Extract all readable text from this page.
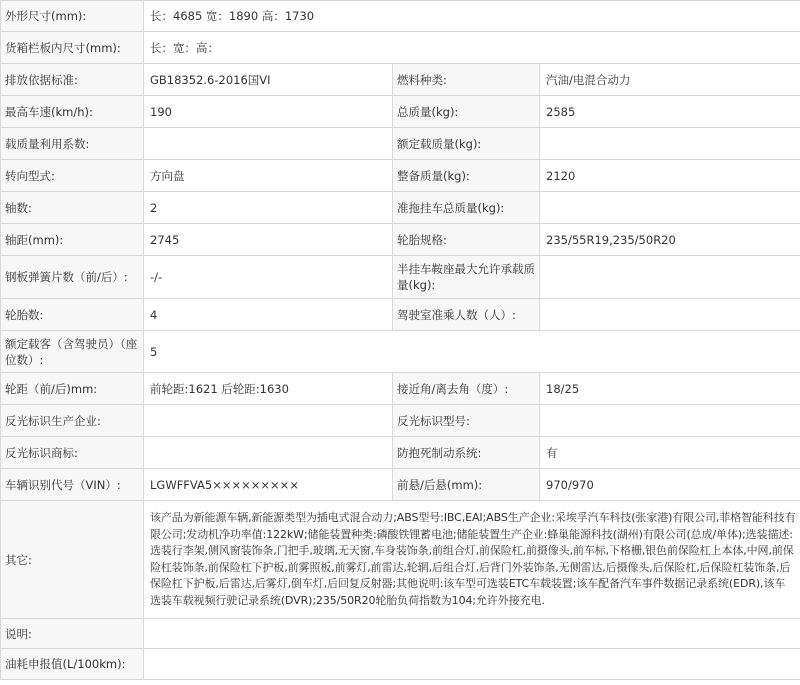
外形尺寸(mm):	长：4685 宽：1890 高：1730		
货箱栏板内尺寸(mm):	长：宽：高：		
排放依据标准:	GB18352.6-2016国VI	燃料种类:	汽油/电混合动力
最高车速(km/h):	190	总质量(kg):	2585
载质量利用系数:		额定载质量(kg):	
转向型式:	方向盘	整备质量(kg):	2120
轴数:	2	准拖挂车总质量(kg):	
轴距(mm):	2745	轮胎规格:	235/55R19,235/50R20
钢板弹簧片数（前/后）:	-/-	半挂车鞍座最大允许承载质量(kg):	
轮胎数:	4	驾驶室准乘人数（人）:	
额定载客（含驾驶员）（座位数）:	5		
轮距（前/后)mm:	前轮距:1621 后轮距:1630	接近角/离去角（度）:	18/25
反光标识生产企业:		反光标识型号:	
反光标识商标:		防抱死制动系统:	有
车辆识别代号（VIN）:	LGWFFVA5×××××××××	前悬/后悬(mm):	970/970
其它:	该产品为新能源车辆,新能源类型为插电式混合动力;ABS型号:IBC,EAI;ABS生产企业:采埃孚汽车科技(张家港)有限公司,菲格智能科技有限公司;发动机净功率值:122kW;储能装置种类:磷酸铁锂蓄电池;储能装置生产企业:蜂巢能源科技(湖州)有限公司(总成/单体);选装描述:选装行李架,侧风窗装饰条,门把手,玻璃,无天窗,车身装饰条,前组合灯,前保险杠,前摄像头,前车标,下格栅,银色前保险杠上本体,中网,前保险杠装饰条,前保险杠下护板,前雾照板,前雾灯,前雷达,轮辋,后组合灯,后背门外装饰条,无侧雷达,后摄像头,后保险杠,后保险杠装饰条,后保险杠下护板,后雷达,后雾灯,倒车灯,后回复反射器;其他说明:该车型可选装ETC车载装置;该车配备汽车事件数据记录系统(EDR),该车选装车载视频行驶记录系统(DVR);235/50R20轮胎负荷指数为104;允许外接充电.		
说明:			
油耗申报值(L/100km):			
